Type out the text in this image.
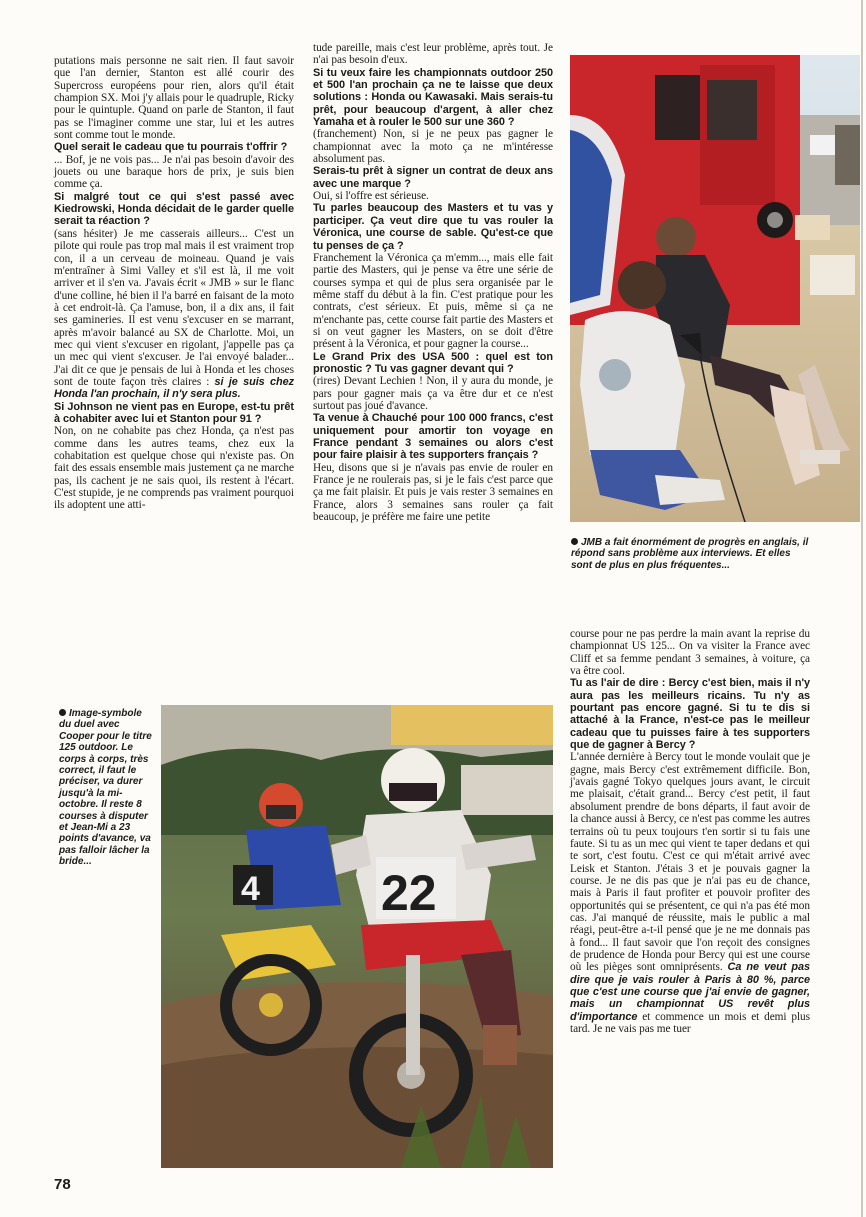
4 22

putations mais personne ne sait rien. Il faut savoir que l'an dernier, Stanton est allé courir des Supercross européens pour rien, alors qu'il était champion SX. Moi j'y allais pour le quadruple, Ricky pour le quintuple. Quand on parle de Stanton, il faut pas se l'imaginer comme une star, lui et les autres sont comme tout le monde.

Quel serait le cadeau que tu pourrais t'offrir ?

... Bof, je ne vois pas... Je n'ai pas besoin d'avoir des jouets ou une baraque hors de prix, je suis bien comme ça.

Si malgré tout ce qui s'est passé avec Kiedrowski, Honda décidait de le garder quelle serait ta réaction ?

(sans hésiter) Je me casserais ailleurs... C'est un pilote qui roule pas trop mal mais il est vraiment trop con, il a un cerveau de moineau. Quand je vais m'entraîner à Simi Valley et s'il est là, il me voit arriver et il s'en va. J'avais écrit « JMB » sur le flanc d'une colline, hé bien il l'a barré en faisant de la moto à cet endroit-là. Ça l'amuse, bon, il a dix ans, il fait ses gamineries. Il est venu s'excuser en se marrant, après m'avoir balancé au SX de Charlotte. Moi, un mec qui vient s'excuser en rigolant, j'appelle pas ça un mec qui vient s'excuser. Je l'ai envoyé balader... J'ai dit ce que je pensais de lui à Honda et les choses sont de toute façon très claires : si je suis chez Honda l'an prochain, il n'y sera plus.

Si Johnson ne vient pas en Europe, est-tu prêt à cohabiter avec lui et Stanton pour 91 ?

Non, on ne cohabite pas chez Honda, ça n'est pas comme dans les autres teams, chez eux la cohabitation est quelque chose qui n'existe pas. On fait des essais ensemble mais justement ça ne marche pas, ils cachent je ne sais quoi, ils restent à l'écart. C'est stupide, je ne comprends pas vraiment pourquoi ils adoptent une atti-

tude pareille, mais c'est leur problème, après tout. Je n'ai pas besoin d'eux.

Si tu veux faire les championnats outdoor 250 et 500 l'an prochain ça ne te laisse que deux solutions : Honda ou Kawasaki. Mais serais-tu prêt, pour beaucoup d'argent, à aller chez Yamaha et à rouler le 500 sur une 360 ?

(franchement) Non, si je ne peux pas gagner le championnat avec la moto ça ne m'intéresse absolument pas.

Serais-tu prêt à signer un contrat de deux ans avec une marque ?

Oui, si l'offre est sérieuse.

Tu parles beaucoup des Masters et tu vas y participer. Ça veut dire que tu vas rouler la Véronica, une course de sable. Qu'est-ce que tu penses de ça ?

Franchement la Véronica ça m'emm..., mais elle fait partie des Masters, qui je pense va être une série de courses sympa et qui de plus sera organisée par le même staff du début à la fin. C'est pratique pour les contrats, c'est sérieux. Et puis, même si ça ne m'enchante pas, cette course fait partie des Masters et si on veut gagner les Masters, on se doit d'être présent à la Véronica, et pour gagner la course...

Le Grand Prix des USA 500 : quel est ton pronostic ? Tu vas gagner devant qui ?

(rires) Devant Lechien ! Non, il y aura du monde, je pars pour gagner mais ça va être dur et ce n'est surtout pas joué d'avance.

Ta venue à Chauché pour 100 000 francs, c'est uniquement pour amortir ton voyage en France pendant 3 semaines ou alors c'est pour faire plaisir à tes supporters français ?

Heu, disons que si je n'avais pas envie de rouler en France je ne roulerais pas, si je le fais c'est parce que ça me fait plaisir. Et puis je vais rester 3 semaines en France, alors 3 semaines sans rouler ça fait beaucoup, je préfère me faire une petite

course pour ne pas perdre la main avant la reprise du championnat US 125... On va visiter la France avec Cliff et sa femme pendant 3 semaines, à voiture, ça va être cool.

Tu as l'air de dire : Bercy c'est bien, mais il n'y aura pas les meilleurs ricains. Tu n'y as pourtant pas encore gagné. Si tu te dis si attaché à la France, n'est-ce pas le meilleur cadeau que tu puisses faire à tes supporters que de gagner à Bercy ?

L'année dernière à Bercy tout le monde voulait que je gagne, mais Bercy c'est extrêmement difficile. Bon, j'avais gagné Tokyo quelques jours avant, le circuit me plaisait, c'était grand... Bercy c'est petit, il faut absolument prendre de bons départs, il faut avoir de la chance aussi à Bercy, ce n'est pas comme les autres terrains où tu peux toujours t'en sortir si tu fais une faute. Si tu as un mec qui vient te taper dedans et qui te sort, c'est foutu. C'est ce qui m'était arrivé avec Leisk et Stanton. J'étais 3 et je pouvais gagner la course. Je ne dis pas que je n'ai pas eu de chance, mais à Paris il faut profiter et pouvoir profiter des opportunités qui se présentent, ce qui n'a pas été mon cas. J'ai manqué de réussite, mais le public a mal réagi, peut-être a-t-il pensé que je ne me donnais pas à fond... Il faut savoir que l'on reçoit des consignes de prudence de Honda pour Bercy qui est une course où les pièges sont omniprésents. Ca ne veut pas dire que je vais rouler à Paris à 80 %, parce que c'est une course que j'ai envie de gagner, mais un championnat US revêt plus d'importance et commence un mois et demi plus tard. Je ne vais pas me tuer

JMB a fait énormément de progrès en anglais, il répond sans problème aux interviews. Et elles sont de plus en plus fréquentes...
Image-symbole du duel avec Cooper pour le titre 125 outdoor. Le corps à corps, très correct, il faut le préciser, va durer jusqu'à la mi-octobre. Il reste 8 courses à disputer et Jean-Mi a 23 points d'avance, va pas falloir lâcher la bride...
78
